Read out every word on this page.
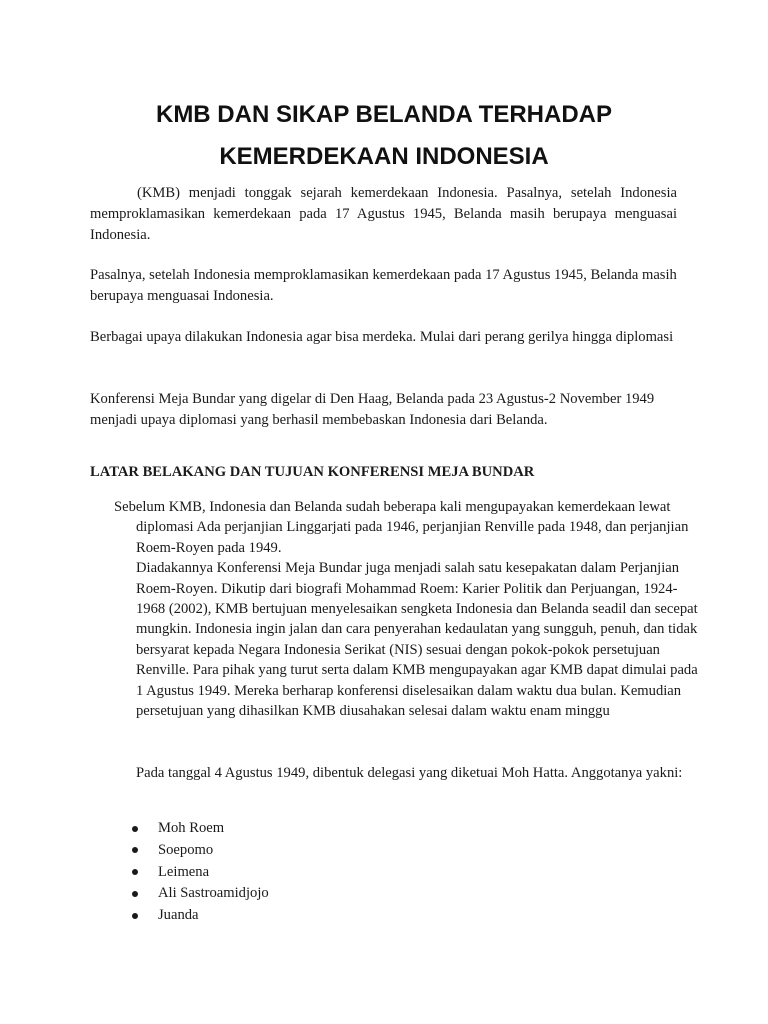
KMB DAN SIKAP BELANDA TERHADAP
KEMERDEKAAN INDONESIA

(KMB) menjadi tonggak sejarah kemerdekaan Indonesia. Pasalnya, setelah Indonesia memproklamasikan kemerdekaan pada 17 Agustus 1945, Belanda masih berupaya menguasai Indonesia.

Pasalnya, setelah Indonesia memproklamasikan kemerdekaan pada 17 Agustus 1945, Belanda masih berupaya menguasai Indonesia.

Berbagai upaya dilakukan Indonesia agar bisa merdeka. Mulai dari perang gerilya hingga diplomasi

Konferensi Meja Bundar yang digelar di Den Haag, Belanda pada 23 Agustus-2 November 1949 menjadi upaya diplomasi yang berhasil membebaskan Indonesia dari Belanda.

LATAR BELAKANG DAN TUJUAN KONFERENSI MEJA BUNDAR
Sebelum KMB, Indonesia dan Belanda sudah beberapa kali mengupayakan kemerdekaan lewat diplomasi Ada perjanjian Linggarjati pada 1946, perjanjian Renville pada 1948, dan perjanjian Roem-Royen pada 1949.
Diadakannya Konferensi Meja Bundar juga menjadi salah satu kesepakatan dalam Perjanjian Roem-Royen. Dikutip dari biografi Mohammad Roem: Karier Politik dan Perjuangan, 1924-1968 (2002), KMB bertujuan menyelesaikan sengketa Indonesia dan Belanda seadil dan secepat mungkin. Indonesia ingin jalan dan cara penyerahan kedaulatan yang sungguh, penuh, dan tidak bersyarat kepada Negara Indonesia Serikat (NIS) sesuai dengan pokok-pokok persetujuan Renville. Para pihak yang turut serta dalam KMB mengupayakan agar KMB dapat dimulai pada 1 Agustus 1949. Mereka berharap konferensi diselesaikan dalam waktu dua bulan. Kemudian persetujuan yang dihasilkan KMB diusahakan selesai dalam waktu enam minggu
Pada tanggal 4 Agustus 1949, dibentuk delegasi yang diketuai Moh Hatta. Anggotanya yakni:
Moh Roem
Soepomo
Leimena
Ali Sastroamidjojo
Juanda
